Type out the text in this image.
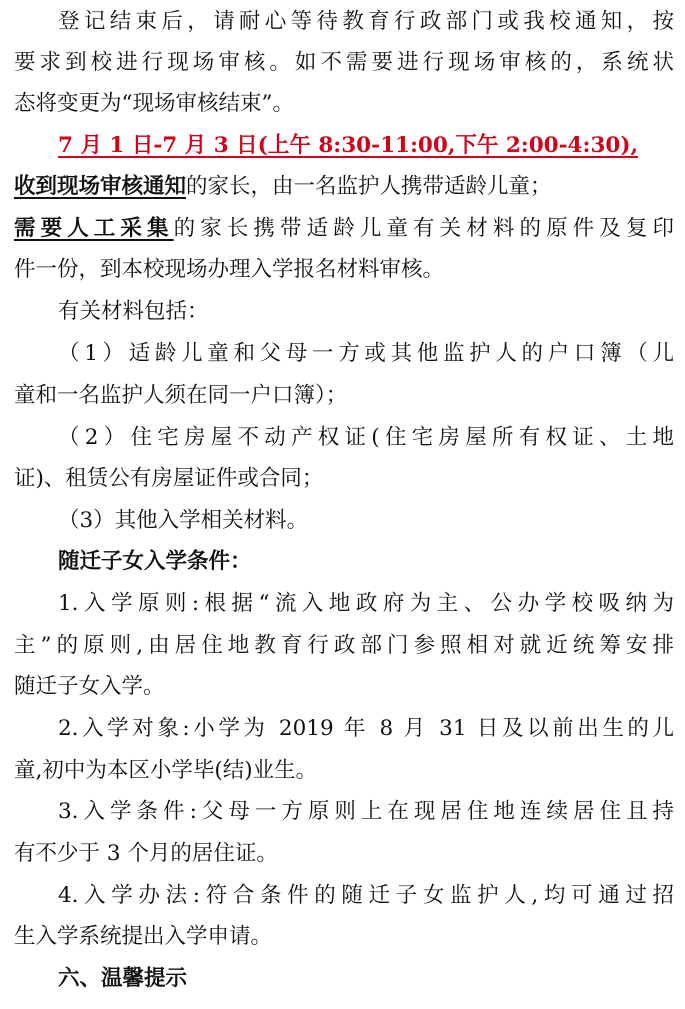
登记结束后，请耐心等待教育行政部门或我校通知，按
要求到校进行现场审核。如不需要进行现场审核的，系统状
态将变更为“现场审核结束”。
7 月 1 日-7 月 3 日(上午 8:30-11:00,下午 2:00-4:30),
收到现场审核通知的家长，由一名监护人携带适龄儿童；
需要人工采集的家长携带适龄儿童有关材料的原件及复印
件一份，到本校现场办理入学报名材料审核。
有关材料包括：
（1）适龄儿童和父母一方或其他监护人的户口簿（儿
童和一名监护人须在同一户口簿）；
（2）住宅房屋不动产权证(住宅房屋所有权证、土地
证)、租赁公有房屋证件或合同；
（3）其他入学相关材料。
随迁子女入学条件：
1.入学原则:根据“流入地政府为主、公办学校吸纳为
主”的原则,由居住地教育行政部门参照相对就近统筹安排
随迁子女入学。
2.入学对象:小学为 2019 年 8 月 31 日及以前出生的儿
童,初中为本区小学毕(结)业生。
3.入学条件:父母一方原则上在现居住地连续居住且持
有不少于 3 个月的居住证。
4.入学办法:符合条件的随迁子女监护人,均可通过招
生入学系统提出入学申请。
六、温馨提示
